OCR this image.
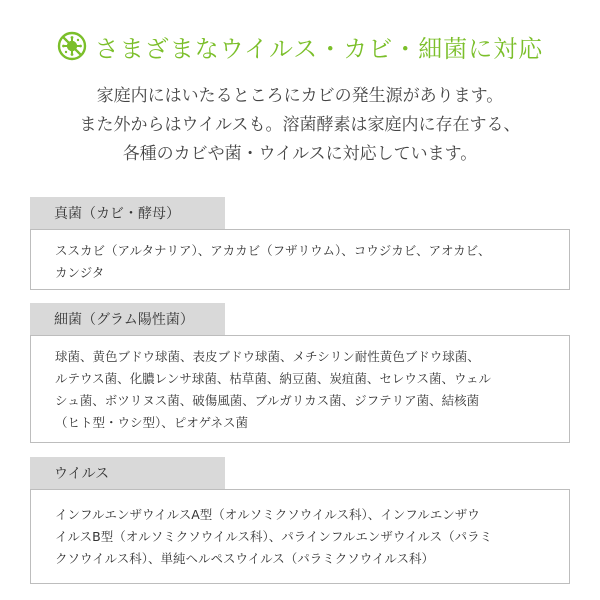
さまざまなウイルス・カビ・細菌に対応
家庭内にはいたるところにカビの発生源があります。
また外からはウイルスも。溶菌酵素は家庭内に存在する、
各種のカビや菌・ウイルスに対応しています。
真菌（カビ・酵母）
ススカビ（アルタナリア）、アカカビ（フザリウム）、コウジカビ、アオカビ、
カンジタ
細菌（グラム陽性菌）
球菌、黄色ブドウ球菌、表皮ブドウ球菌、メチシリン耐性黄色ブドウ球菌、
ルテウス菌、化膿レンサ球菌、枯草菌、納豆菌、炭疽菌、セレウス菌、ウェル
シュ菌、ボツリヌス菌、破傷風菌、ブルガリカス菌、ジフテリア菌、結核菌
（ヒト型・ウシ型）、ピオゲネス菌
ウイルス
インフルエンザウイルスA型（オルソミクソウイルス科）、インフルエンザウ
イルスB型（オルソミクソウイルス科）、パラインフルエンザウイルス（パラミ
クソウイルス科）、単純ヘルペスウイルス（パラミクソウイルス科）
